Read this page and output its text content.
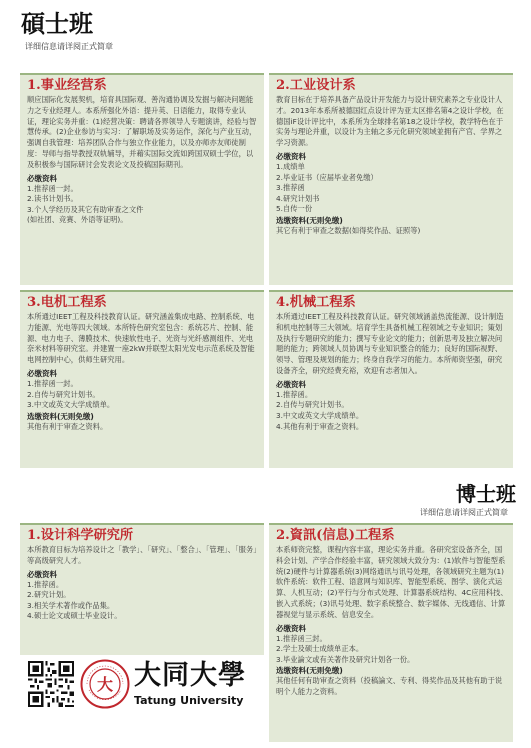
碩士班
详细信息请详阅正式简章
1.事业经营系
顺应国际化发展契机，培育具国际观、善沟通协调及发掘与解决问题能力之专业经理人。本系所强化外语：提升英、日语能力，取得专业认证，理论实务并重：(1)经营决策：聘请各界领导人专题演讲，经验与智慧传承。(2)企业参访与实习：了解职场及实务运作，深化与产业互动，强调自我管理：培养团队合作与独立作业能力，以及亦师亦友师徒制度：导师与指导教授双轨辅导，并藉实国际交流如跨国双硕士学位，以及积极参与国际研讨会发表论文及投稿国际期刊。
必缴资料
1.推荐函一封。
2.读书计划书。
3.个人学经历及其它有助审查之文件
(如社团、竞赛、外语等证明)。
2.工业设计系
教育目标在于培养具备产品设计开发能力与设计研究素养之专业设计人才。2013年本系所被德国红点设计评为亚太区排名第4之设计学校，在德国iF设计评比中，本系所为全球排名第18之设计学校，教学特色在于实务与理论并重，以设计为主轴之多元化研究领域並拥有产官、学界之学习资源。
必缴资料
1.成绩单
2.毕业证书（应届毕业者免缴）
3.推荐函
4.研究计划书
5.自传一份
选缴资料(无则免缴)
其它有利于审查之数据(如得奖作品、证照等)
3.电机工程系
本所通过IEET工程及科技教育认证。研究涵盖集成电路、控制系统、电力能源、光电等四大领域。本所特色研究室包含：系统芯片、控制、能源、电力电子、薄膜技术、快速软性电子、光资与光纤感测组件、光电奈米材料等研究室。并建置一座2kW并联型太阳光发电示范系统及智能电网控制中心，供师生研究用。
必缴资料
1.推荐函一封。
2.自传与研究计划书。
3.中文或英文大学成绩单。
选缴资料(无则免缴)
其他有利于审查之资料。
4.机械工程系
本所通过IEET工程及科技教育认证。研究领域涵盖热流能源、设计制造和机电控制等三大领域。培育学生具备机械工程领域之专业知识；策划及执行专题研究的能力；撰写专业论文的能力；创新思考及独立解决问题的能力；跨领域人员协调与专业知识整合的能力；良好的国际视野、领导、管理及规划的能力；终身自我学习的能力。本所师资坚强，研究设备齐全，研究经费充裕，欢迎有志者加入。
必缴资料
1.推荐函。
2.自传与研究计划书。
3.中文或英文大学成绩单。
4.其他有利于审查之资料。
博士班
详细信息请详阅正式简章
1.设计科学研究所
本所教育目标为培养设计之「教学」、「研究」、「整合」、「管理」、「服务」等高级研究人才。
必缴资料
1.推荐函。
2.研究计划。
3.相关学术著作或作品集。
4.硕士论文或硕士毕业设计。
2.資訊(信息)工程系
本系师资完整，课程内容丰富，理论实务并重。各研究室设备齐全，国科会计划、产学合作经验丰富，研究领域大致分为：(1)软件与智能型系统(2)硬件与计算器系统(3)网络通讯与讯号处理，各领域研究主题为(1)软件系统：软件工程、语意网与知识库、智能型系统、图学、演化式运算、人机互动；(2)平行与分布式处理、计算器系统结构、4C应用科技、嵌入式系统；(3)讯号处理、数字系统整合、数字媒体、无线通信、计算器视觉与显示系统、信息安全。
必缴资料
1.推荐函三封。
2.学士及硕士成绩单正本。
3.毕业論文或有关著作及研究计划各一份。
选缴资料(无则免缴)
其他任何有助审查之资料（投稿論文、专利、得奖作品及其他有助于说明个人能力之资料。
大 大同大學
Tatung University
